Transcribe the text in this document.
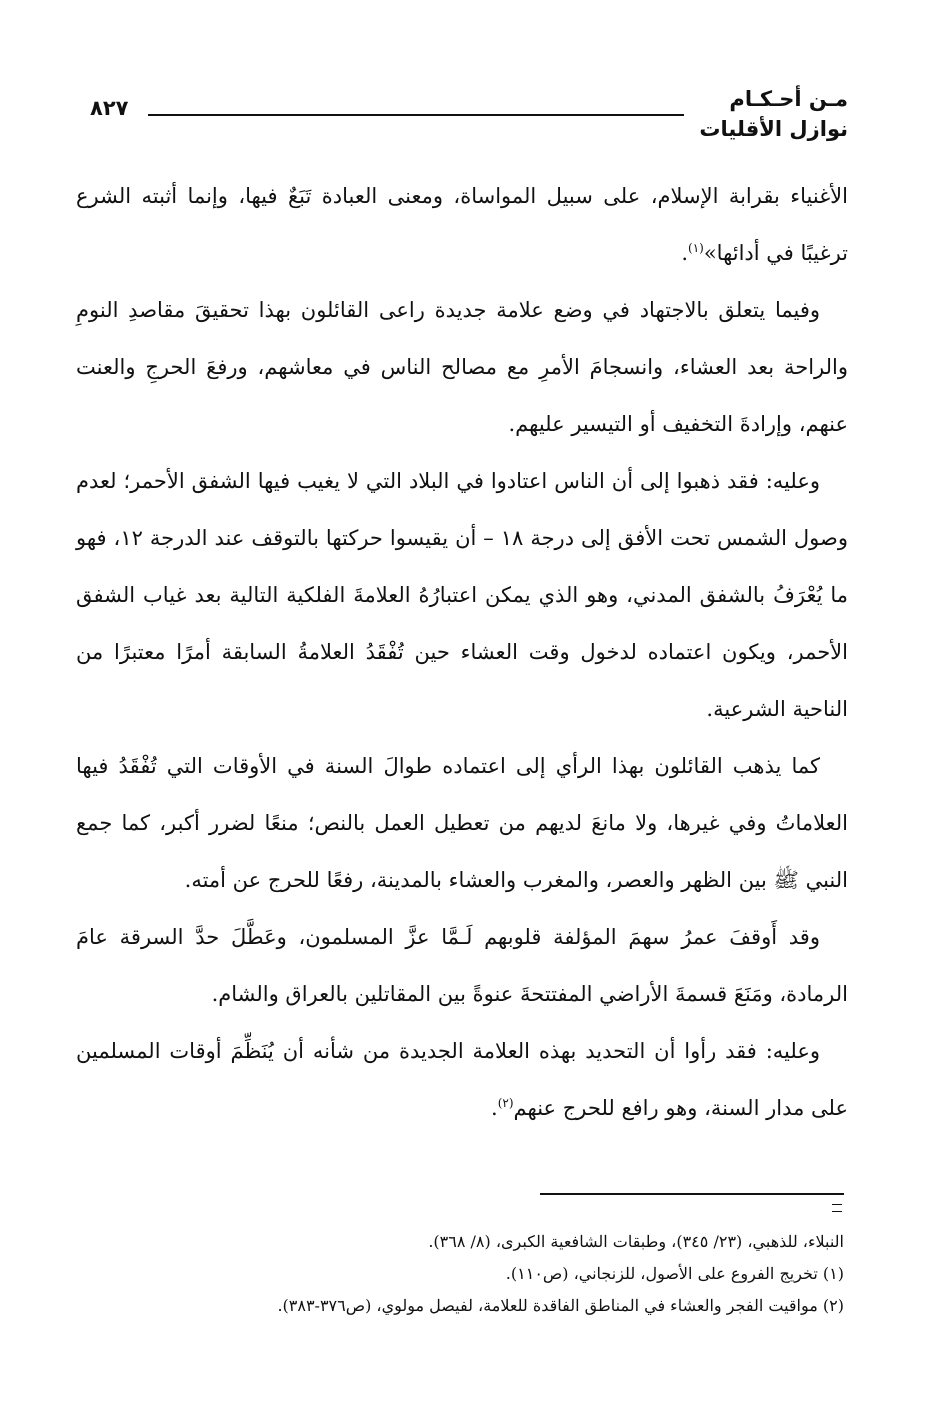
مـن أحـكـام
نوازل الأقليات
٨٢٧

الأغنياء بقرابة الإسلام، على سبيل المواساة، ومعنى العبادة تَبَعٌ فيها، وإنما أثبته الشرع ترغيبًا في أدائها»$^{(١)}$.

وفيما يتعلق بالاجتهاد في وضع علامة جديدة راعى القائلون بهذا تحقيقَ مقاصدِ النومِ والراحة بعد العشاء، وانسجامَ الأمرِ مع مصالح الناس في معاشهم، ورفعَ الحرجِ والعنت عنهم، وإرادةَ التخفيف أو التيسير عليهم.

وعليه: فقد ذهبوا إلى أن الناس اعتادوا في البلاد التي لا يغيب فيها الشفق الأحمر؛ لعدم وصول الشمس تحت الأفق إلى درجة ١٨ – أن يقيسوا حركتها بالتوقف عند الدرجة ١٢، فهو ما يُعْرَفُ بالشفق المدني، وهو الذي يمكن اعتبارُهُ العلامةَ الفلكية التالية بعد غياب الشفق الأحمر، ويكون اعتماده لدخول وقت العشاء حين تُفْقَدُ العلامةُ السابقة أمرًا معتبرًا من الناحية الشرعية.

كما يذهب القائلون بهذا الرأي إلى اعتماده طوالَ السنة في الأوقات التي تُفْقَدُ فيها العلاماتُ وفي غيرها، ولا مانعَ لديهم من تعطيل العمل بالنص؛ منعًا لضرر أكبر، كما جمع النبي ﷺ بين الظهر والعصر، والمغرب والعشاء بالمدينة، رفعًا للحرج عن أمته.

وقد أَوقفَ عمرُ سهمَ المؤلفة قلوبهم لَـمَّا عزَّ المسلمون، وعَطَّلَ حدَّ السرقة عامَ الرمادة، ومَنَعَ قسمةَ الأراضي المفتتحةَ عنوةً بين المقاتلين بالعراق والشام.

وعليه: فقد رأوا أن التحديد بهذه العلامة الجديدة من شأنه أن يُنَظِّمَ أوقات المسلمين على مدار السنة، وهو رافع للحرج عنهم$^{(٢)}$.

النبلاء، للذهبي، (٢٣/ ٣٤٥)، وطبقات الشافعية الكبرى، (٨/ ٣٦٨).
(١) تخريج الفروع على الأصول، للزنجاني، (ص١١٠).
(٢) مواقيت الفجر والعشاء في المناطق الفاقدة للعلامة، لفيصل مولوي، (ص٣٧٦-٣٨٣).
